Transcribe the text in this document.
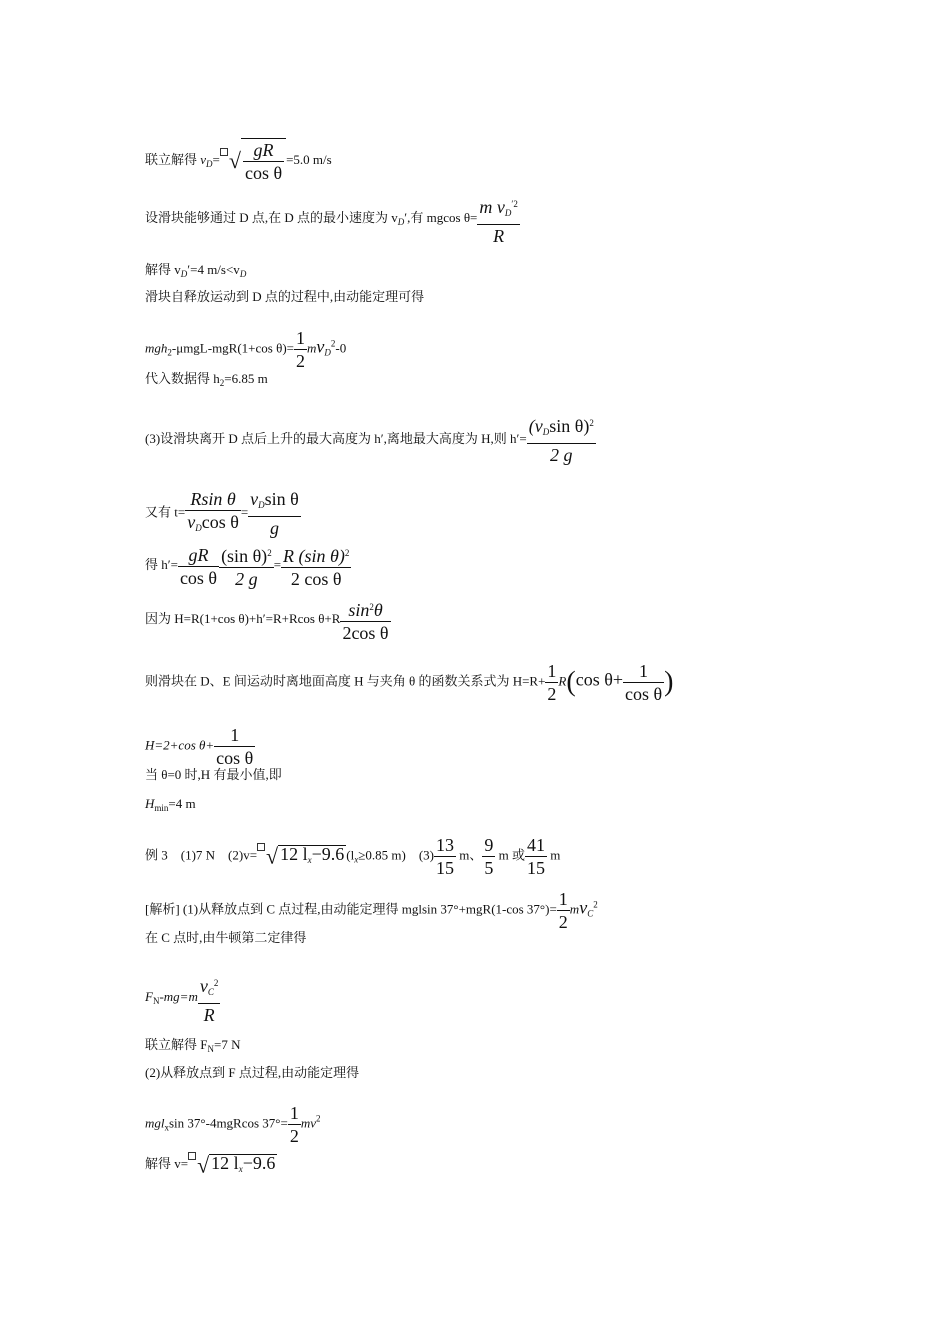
联立解得 $v_D=$ √ $\frac{gR}{\text{cos θ}} =5.0$ m/s
设滑块能够通过 D 点,在 D 点的最小速度为 $v_D'$,有 mgcos $\theta= \frac{m v_D^{'2}}{R}$
解得 $v_D'=4$ $m/s<v_D$
滑块自释放运动到 D 点的过程中,由动能定理可得
mgh$_2$-μmgL-mgR(1+cos $\theta)= \frac{1}{2} mv_D^2-0$
代入数据得 $h_2=6.85$ m
(3)设滑块离开 D 点后上升的最大高度为 h′,离地最大高度为 H,则 $h'= \frac{(v_D\sin \theta)^2}{2 g}$
又有 $t= \frac{\text{Rsin θ}}{v_D\cos \theta} = \frac{v_D\sin \theta}{g}$
得 $h'= \frac{gR}{\text{cos θ}} \frac{(\sin \theta)^2}{2 g} = \frac{R (\sin \theta)^2}{\text{2 cos θ}}$
因为 H=R(1+cos θ)+h′=R+Rcos $\theta+R \frac{\sin^2\theta}{\text{2cos θ}}$
则滑块在 D、E 间运动时离地面高度 H 与夹角 θ 的函数关系式为 $H=R+ \frac{1}{2} R(\cos$ $\theta+ \frac{1}{\text{cos θ}}$ )
H=2+cos $\theta+ \frac{1}{\text{cos θ}}$
当 θ=0 时,H 有最小值,即
$H_{min}=4$ m
例 3　(1)7 N　(2)v= √ 12 $l_x-9.6$ ($l_x\ge 0.85$ m)　$(3) \frac{13}{15}$ m、 $\frac{9}{5}$ m 或 $\frac{41}{15}$ m
[解析] (1)从释放点到 C 点过程,由动能定理得 mglsin 37°+mgR(1-cos $37^\circ)= \frac{1}{2} mv_C^2$
在 C 点时,由牛顿第二定律得
$F_N-mg=m \frac{v_C^2}{R}$
联立解得 $F_N=7$ N
(2)从释放点到 F 点过程,由动能定理得
mgl$_x$sin 37°-4mgRcos $37^\circ= \frac{1}{2} mv^2$
解得 v= √ 12 $l_x-9.6$
